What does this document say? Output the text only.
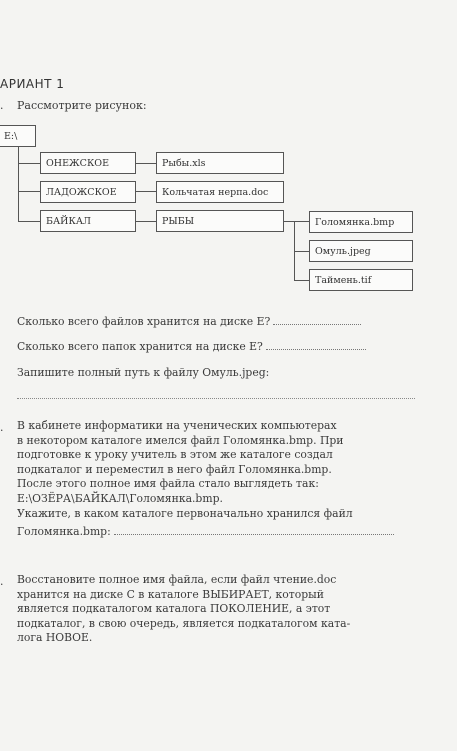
АРИАНТ 1
. Рассмотрите рисунок:
E:\
ОНЕЖСКОЕ
ЛАДОЖСКОЕ
БАЙКАЛ
Рыбы.xls
Кольчатая нерпа.doc
РЫБЫ	Голомянка.bmp
Омуль.jpeg
Таймень.tif
Сколько всего файлов хранится на диске Е?
Сколько всего папок хранится на диске Е?
Запишите полный путь к файлу Омуль.jpeg:
. В кабинете информатики на ученических компьютерах

в некотором каталоге имелся файл Голомянка.bmp. При

подготовке к уроку учитель в этом же каталоге создал

подкаталог и переместил в него файл Голомянка.bmp.

После этого полное имя файла стало выглядеть так:

E:\ОЗЁРА\БАЙКАЛ\Голомянка.bmp.

Укажите, в каком каталоге первоначально хранился файл

Голомянка.bmp:

. Восстановите полное имя файла, если файл чтение.doc

хранится на диске С в каталоге ВЫБИРАЕТ, который

является подкаталогом каталога ПОКОЛЕНИЕ, а этот

подкаталог, в свою очередь, является подкаталогом ката-

лога НОВОЕ.
